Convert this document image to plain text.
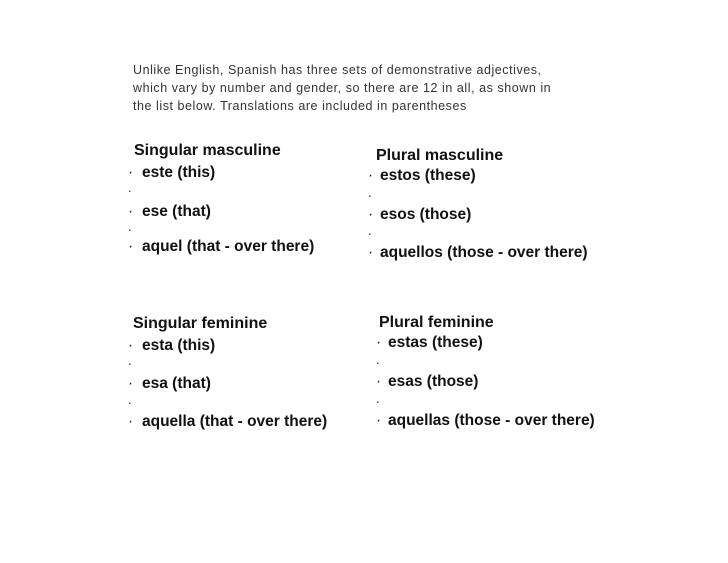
Unlike English, Spanish has three sets of demonstrative adjectives,
which vary by number and gender, so there are 12 in all, as shown in
the list below. Translations are included in parentheses
Singular masculine
· este (this)
.
· ese (that)
.
· aquel (that - over there)
Plural masculine
· estos (these)
.
· esos (those)
.
· aquellos (those - over there)
Singular feminine
· esta (this)
.
· esa (that)
.
· aquella (that - over there)
Plural feminine
· estas (these)
.
· esas (those)
.
· aquellas (those - over there)
